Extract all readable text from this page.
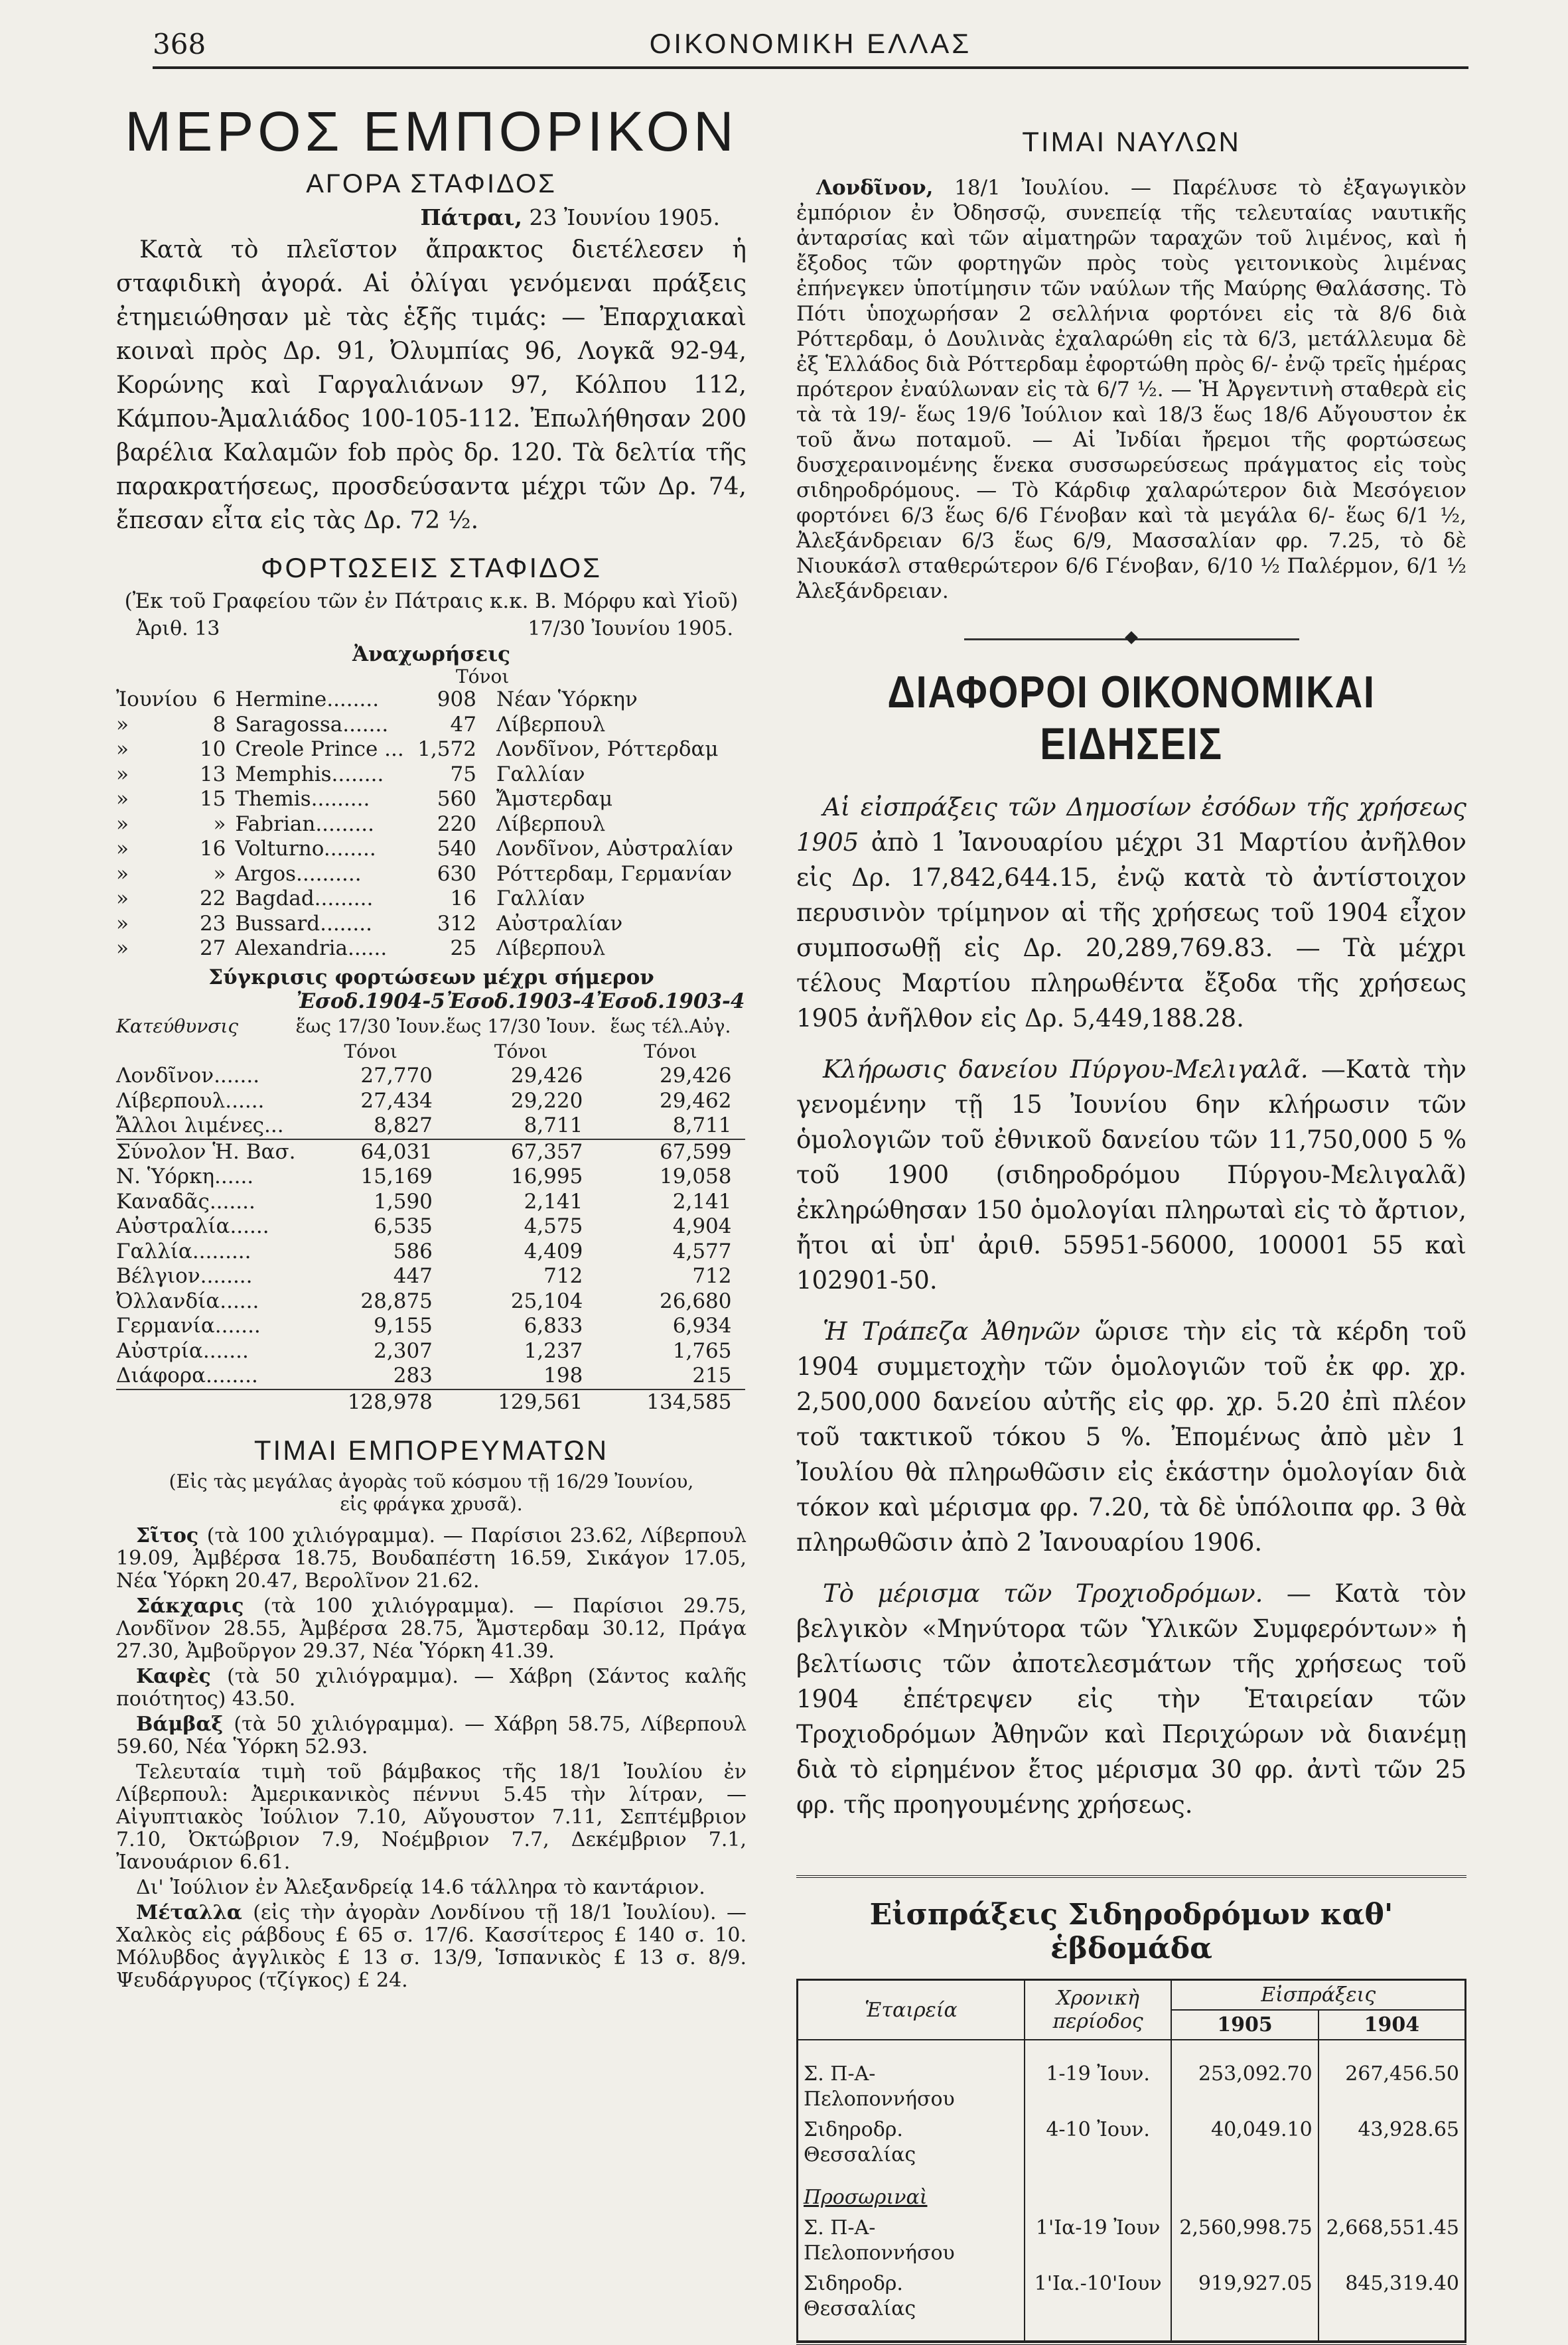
368	ΟΙΚΟΝΟΜΙΚΗ ΕΛΛΑΣ
ΜΕΡΟΣ ΕΜΠΟΡΙΚΟΝ
ΑΓΟΡΑ ΣΤΑΦΙΔΟΣ
Πάτραι, 23 Ἰουνίου 1905.

Κατὰ τὸ πλεῖστον ἄπρακτος διετέλεσεν ἡ σταφιδικὴ ἀγορά. Αἱ ὀλίγαι γενόμεναι πράξεις ἐτημειώθησαν μὲ τὰς ἑξῆς τιμάς: — Ἐπαρχιακαὶ κοιναὶ πρὸς Δρ. 91, Ὀλυμπίας 96, Λογκᾶ 92-94, Κορώνης καὶ Γαργαλιάνων 97, Κόλπου 112, Κάμπου-Ἀμαλιάδος 100-105-112. Ἐπωλήθησαν 200 βαρέλια Καλαμῶν fob πρὸς δρ. 120. Τὰ δελτία τῆς παρακρατήσεως, προσδεύσαντα μέχρι τῶν Δρ. 74, ἔπεσαν εἶτα εἰς τὰς Δρ. 72 ½.

ΦΟΡΤΩΣΕΙΣ ΣΤΑΦΙΔΟΣ
(Ἐκ τοῦ Γραφείου τῶν ἐν Πάτραις κ.κ. Β. Μόρφυ καὶ Υἱοῦ)
Ἀριθ. 13	17/30 Ἰουνίου 1905.
Ἀναχωρήσεις
Τόνοι
Ἰουνίου	6	Hermine........	908	Νέαν Ὑόρκην
»	8	Saragossa.......	47	Λίβερπουλ
»	10	Creole Prince ...	1,572	Λονδῖνον, Ρόττερδαμ
»	13	Memphis........	75	Γαλλίαν
»	15	Themis.........	560	Ἄμστερδαμ
»	»	Fabrian.........	220	Λίβερπουλ
»	16	Volturno........	540	Λονδῖνον, Αὐστραλίαν
»	»	Argos..........	630	Ρόττερδαμ, Γερμανίαν
»	22	Bagdad.........	16	Γαλλίαν
»	23	Bussard........	312	Αὐστραλίαν
»	27	Alexandria......	25	Λίβερπουλ
Σύγκρισις φορτώσεων μέχρι σήμερον
	Ἐσοδ.1904-5	Ἐσοδ.1903-4	Ἐσοδ.1903-4
Κατεύθυνσις	ἕως 17/30 Ἰουν.	ἕως 17/30 Ἰουν.	ἕως τέλ.Αὐγ.
	Τόνοι	Τόνοι	Τόνοι
Λονδῖνον.......	27,770	29,426	29,426
Λίβερπουλ......	27,434	29,220	29,462
Ἄλλοι λιμένες...	8,827	8,711	8,711
Σύνολον Ἡ. Βασ.	64,031	67,357	67,599
Ν. Ὑόρκη......	15,169	16,995	19,058
Καναδᾶς.......	1,590	2,141	2,141
Αὐστραλία......	6,535	4,575	4,904
Γαλλία.........	586	4,409	4,577
Βέλγιον........	447	712	712
Ὀλλανδία......	28,875	25,104	26,680
Γερμανία.......	9,155	6,833	6,934
Αὐστρία.......	2,307	1,237	1,765
Διάφορα........	283	198	215
	128,978	129,561	134,585
ΤΙΜΑΙ ΕΜΠΟΡΕΥΜΑΤΩΝ
(Εἰς τὰς μεγάλας ἀγορὰς τοῦ κόσμου τῇ 16/29 Ἰουνίου, εἰς φράγκα χρυσᾶ).

Σῖτος (τὰ 100 χιλιόγραμμα). — Παρίσιοι 23.62, Λίβερπουλ 19.09, Ἀμβέρσα 18.75, Βουδαπέστη 16.59, Σικάγον 17.05, Νέα Ὑόρκη 20.47, Βερολῖνον 21.62.

Σάκχαρις (τὰ 100 χιλιόγραμμα). — Παρίσιοι 29.75, Λονδῖνον 28.55, Ἀμβέρσα 28.75, Ἄμστερδαμ 30.12, Πράγα 27.30, Ἀμβοῦργον 29.37, Νέα Ὑόρκη 41.39.

Καφὲς (τὰ 50 χιλιόγραμμα). — Χάβρη (Σάντος καλῆς ποιότητος) 43.50.

Βάμβαξ (τὰ 50 χιλιόγραμμα). — Χάβρη 58.75, Λίβερπουλ 59.60, Νέα Ὑόρκη 52.93.

Τελευταία τιμὴ τοῦ βάμβακος τῆς 18/1 Ἰουλίου ἐν Λίβερπουλ: Ἀμερικανικὸς πέννυι 5.45 τὴν λίτραν, — Αἰγυπτιακὸς Ἰούλιον 7.10, Αὔγουστον 7.11, Σεπτέμβριον 7.10, Ὀκτώβριον 7.9, Νοέμβριον 7.7, Δεκέμβριον 7.1, Ἰανουάριον 6.61.

Δι' Ἰούλιον ἐν Ἀλεξανδρείᾳ 14.6 τάλληρα τὸ καντάριον.

Μέταλλα (εἰς τὴν ἀγορὰν Λονδίνου τῇ 18/1 Ἰουλίου). — Χαλκὸς εἰς ράβδους £ 65 σ. 17/6. Κασσίτερος £ 140 σ. 10. Μόλυβδος ἀγγλικὸς £ 13 σ. 13/9, Ἱσπανικὸς £ 13 σ. 8/9. Ψευδάργυρος (τζίγκος) £ 24.

ΤΙΜΑΙ ΝΑΥΛΩΝ

Λονδῖνον, 18/1 Ἰουλίου. — Παρέλυσε τὸ ἐξαγωγικὸν ἐμπόριον ἐν Ὀδησσῷ, συνεπείᾳ τῆς τελευταίας ναυτικῆς ἀνταρσίας καὶ τῶν αἱματηρῶν ταραχῶν τοῦ λιμένος, καὶ ἡ ἔξοδος τῶν φορτηγῶν πρὸς τοὺς γειτονικοὺς λιμένας ἐπήνεγκεν ὑποτίμησιν τῶν ναύλων τῆς Μαύρης Θαλάσσης. Τὸ Πότι ὑποχωρήσαν 2 σελλήνια φορτόνει εἰς τὰ 8/6 διὰ Ρόττερδαμ, ὁ Δουλινὰς ἐχαλαρώθη εἰς τὰ 6/3, μετάλλευμα δὲ ἐξ Ἑλλάδος διὰ Ρόττερδαμ ἐφορτώθη πρὸς 6/- ἐνῷ τρεῖς ἡμέρας πρότερον ἐναύλωναν εἰς τὰ 6/7 ½. — Ἡ Ἀργεντινὴ σταθερὰ εἰς τὰ τὰ 19/- ἕως 19/6 Ἰούλιον καὶ 18/3 ἕως 18/6 Αὔγουστον ἐκ τοῦ ἄνω ποταμοῦ. — Αἱ Ἰνδίαι ἤρεμοι τῆς φορτώσεως δυσχεραινομένης ἕνεκα συσσωρεύσεως πράγματος εἰς τοὺς σιδηροδρόμους. — Τὸ Κάρδιφ χαλαρώτερον διὰ Μεσόγειον φορτόνει 6/3 ἕως 6/6 Γένοβαν καὶ τὰ μεγάλα 6/- ἕως 6/1 ½, Ἀλεξάνδρειαν 6/3 ἕως 6/9, Μασσαλίαν φρ. 7.25, τὸ δὲ Νιουκάσλ σταθερώτερον 6/6 Γένοβαν, 6/10 ½ Παλέρμον, 6/1 ½ Ἀλεξάνδρειαν.

ΔΙΑΦΟΡΟΙ ΟΙΚΟΝΟΜΙΚΑΙ ΕΙΔΗΣΕΙΣ

Αἱ εἰσπράξεις τῶν Δημοσίων ἐσόδων τῆς χρήσεως 1905 ἀπὸ 1 Ἰανουαρίου μέχρι 31 Μαρτίου ἀνῆλθον εἰς Δρ. 17,842,644.15, ἐνῷ κατὰ τὸ ἀντίστοιχον περυσινὸν τρίμηνον αἱ τῆς χρήσεως τοῦ 1904 εἶχον συμποσωθῇ εἰς Δρ. 20,289,769.83. — Τὰ μέχρι τέλους Μαρτίου πληρωθέντα ἔξοδα τῆς χρήσεως 1905 ἀνῆλθον εἰς Δρ. 5,449,188.28.

Κλήρωσις δανείου Πύργου-Μελιγαλᾶ. —Κατὰ τὴν γενομένην τῇ 15 Ἰουνίου 6ην κλήρωσιν τῶν ὁμολογιῶν τοῦ ἐθνικοῦ δανείου τῶν 11,750,000 5 % τοῦ 1900 (σιδηροδρόμου Πύργου-Μελιγαλᾶ) ἐκληρώθησαν 150 ὁμολογίαι πληρωταὶ εἰς τὸ ἄρτιον, ἤτοι αἱ ὑπ' ἀριθ. 55951-56000, 100001 55 καὶ 102901-50.

Ἡ Τράπεζα Ἀθηνῶν ὥρισε τὴν εἰς τὰ κέρδη τοῦ 1904 συμμετοχὴν τῶν ὁμολογιῶν τοῦ ἐκ φρ. χρ. 2,500,000 δανείου αὐτῆς εἰς φρ. χρ. 5.20 ἐπὶ πλέον τοῦ τακτικοῦ τόκου 5 %. Ἐπομένως ἀπὸ μὲν 1 Ἰουλίου θὰ πληρωθῶσιν εἰς ἑκάστην ὁμολογίαν διὰ τόκον καὶ μέρισμα φρ. 7.20, τὰ δὲ ὑπόλοιπα φρ. 3 θὰ πληρωθῶσιν ἀπὸ 2 Ἰανουαρίου 1906.

Τὸ μέρισμα τῶν Τροχιοδρόμων. — Κατὰ τὸν βελγικὸν «Μηνύτορα τῶν Ὑλικῶν Συμφερόντων» ἡ βελτίωσις τῶν ἀποτελεσμάτων τῆς χρήσεως τοῦ 1904 ἐπέτρεψεν εἰς τὴν Ἑταιρείαν τῶν Τροχιοδρόμων Ἀθηνῶν καὶ Περιχώρων νὰ διανέμῃ διὰ τὸ εἰρημένον ἔτος μέρισμα 30 φρ. ἀντὶ τῶν 25 φρ. τῆς προηγουμένης χρήσεως.

Εἰσπράξεις Σιδηροδρόμων καθ' ἑβδομάδα
Ἑταιρεία	Χρονικὴ περίοδος	Εἰσπράξεις	
		1905	1904

Σ. Π-Α-Πελοποννήσου	1-19 Ἰουν.	253,092.70	267,456.50
Σιδηροδρ. Θεσσαλίας	4-10 Ἰουν.	40,049.10	43,928.65
Προσωριναὶ			
Σ. Π-Α-Πελοποννήσου	1'Ια-19 Ἰουν	2,560,998.75	2,668,551.45
Σιδηροδρ. Θεσσαλίας	1'Ια.-10'Ιουν	919,927.05	845,319.40
